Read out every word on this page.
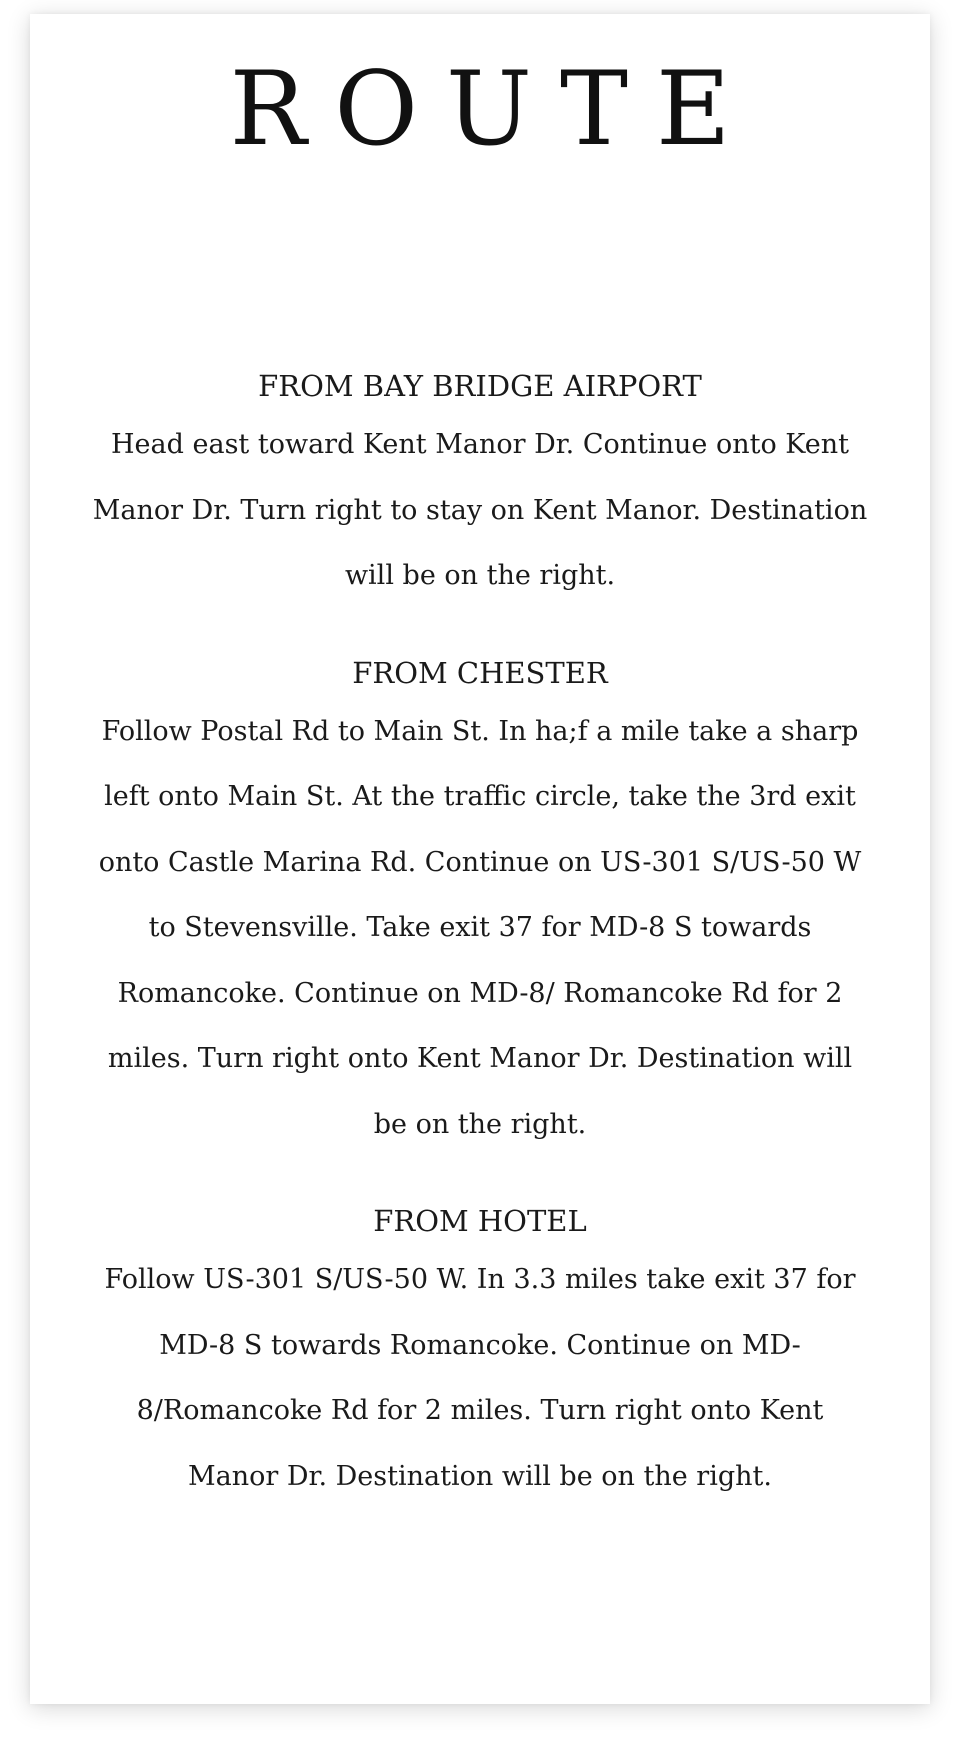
ROUTE
FROM BAY BRIDGE AIRPORT

Head east toward Kent Manor Dr. Continue onto Kent Manor Dr. Turn right to stay on Kent Manor. Destination will be on the right.

FROM CHESTER

Follow Postal Rd to Main St. In ha;f a mile take a sharp left onto Main St. At the traffic circle, take the 3rd exit onto Castle Marina Rd. Continue on US-301 S/US-50 W to Stevensville. Take exit 37 for MD-8 S towards Romancoke. Continue on MD-8/ Romancoke Rd for 2 miles. Turn right onto Kent Manor Dr. Destination will be on the right.

FROM HOTEL

Follow US-301 S/US-50 W. In 3.3 miles take exit 37 for MD-8 S towards Romancoke. Continue on MD-8/Romancoke Rd for 2 miles. Turn right onto Kent Manor Dr. Destination will be on the right.
